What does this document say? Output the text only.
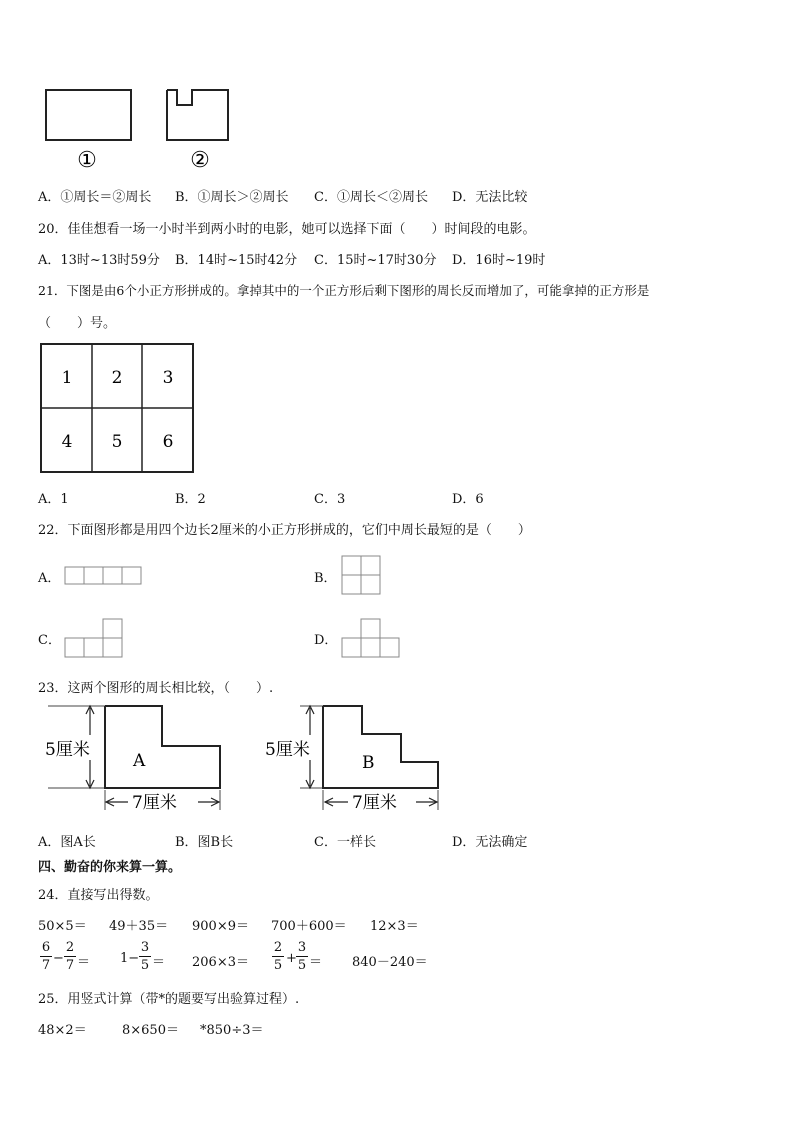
①	②
A．①周长＝②周长 B．①周长＞②周长 C．①周长＜②周长 D．无法比较
20．佳佳想看一场一小时半到两小时的电影，她可以选择下面（　　）时间段的电影。
A．13时~13时59分 B．14时~15时42分 C．15时~17时30分 D．16时~19时
21．下图是由6个小正方形拼成的。拿掉其中的一个正方形后剩下图形的周长反而增加了，可能拿掉的正方形是
（　　）号。
1 2 3
4 5 6
A．1	B．2	C．3	D．6
22．下面图形都是用四个边长2厘米的小正方形拼成的，它们中周长最短的是（　　）
A．	B．
C．	D．
23．这两个图形的周长相比较，（　　）.
5厘米
A
7厘米
5厘米
B
7厘米
A．图A长	B．图B长	C．一样长	D．无法确定
四、勤奋的你来算一算。
24．直接写出得数。
50×5＝ 49＋35＝ 900×9＝ 700＋600＝ 12×3＝
6
7 −
2
7 ＝ 1−
3
5 ＝ 206×3＝
2
5 +
3
5 ＝ 840－240＝
25．用竖式计算（带*的题要写出验算过程）.
48×2＝	8×650＝ *850÷3＝
